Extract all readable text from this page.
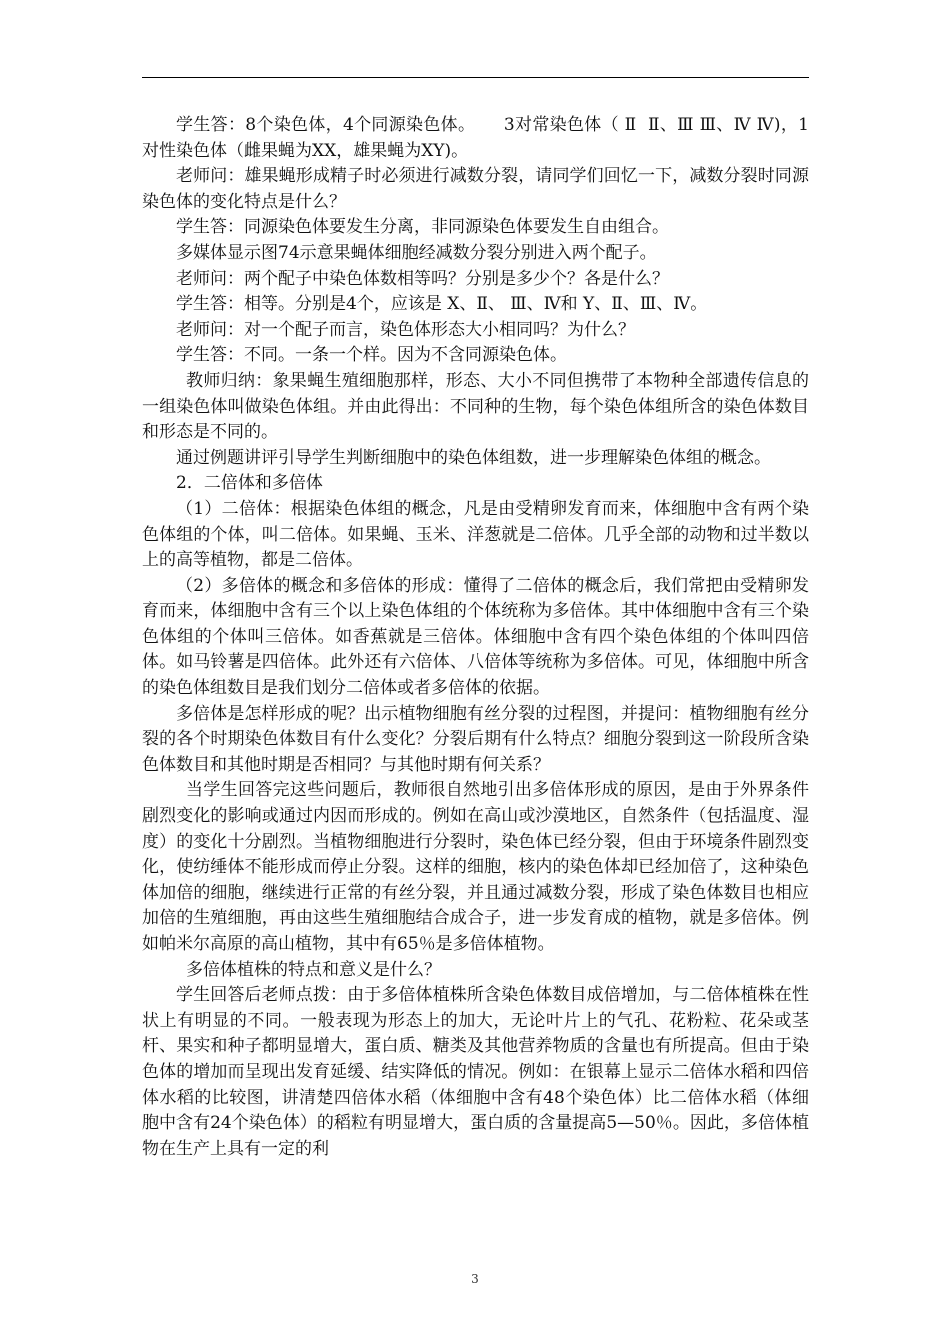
学生答：8个染色体，4个同源染色体。     3对常染色体（ Ⅱ  Ⅱ、Ⅲ Ⅲ、Ⅳ Ⅳ)，1对性染色体（雌果蝇为XX，雄果蝇为XY)。

老师问：雄果蝇形成精子时必须进行减数分裂，请同学们回忆一下，减数分裂时同源染色体的变化特点是什么？

学生答：同源染色体要发生分离，非同源染色体要发生自由组合。

多媒体显示图74示意果蝇体细胞经减数分裂分别进入两个配子。

老师问：两个配子中染色体数相等吗？分别是多少个？各是什么？

学生答：相等。分别是4个，应该是 X、Ⅱ、 Ⅲ、Ⅳ和 Y、Ⅱ、Ⅲ、Ⅳ。

老师问：对一个配子而言，染色体形态大小相同吗？为什么？

学生答：不同。一条一个样。因为不含同源染色体。

教师归纳：象果蝇生殖细胞那样，形态、大小不同但携带了本物种全部遗传信息的一组染色体叫做染色体组。并由此得出：不同种的生物，每个染色体组所含的染色体数目和形态是不同的。

通过例题讲评引导学生判断细胞中的染色体组数，进一步理解染色体组的概念。

2．二倍体和多倍体

（1）二倍体：根据染色体组的概念，凡是由受精卵发育而来，体细胞中含有两个染色体组的个体，叫二倍体。如果蝇、玉米、洋葱就是二倍体。几乎全部的动物和过半数以上的高等植物，都是二倍体。

（2）多倍体的概念和多倍体的形成：懂得了二倍体的概念后，我们常把由受精卵发育而来，体细胞中含有三个以上染色体组的个体统称为多倍体。其中体细胞中含有三个染色体组的个体叫三倍体。如香蕉就是三倍体。体细胞中含有四个染色体组的个体叫四倍体。如马铃薯是四倍体。此外还有六倍体、八倍体等统称为多倍体。可见，体细胞中所含的染色体组数目是我们划分二倍体或者多倍体的依据。

多倍体是怎样形成的呢？出示植物细胞有丝分裂的过程图，并提问：植物细胞有丝分裂的各个时期染色体数目有什么变化？分裂后期有什么特点？细胞分裂到这一阶段所含染色体数目和其他时期是否相同？与其他时期有何关系？

当学生回答完这些问题后，教师很自然地引出多倍体形成的原因，是由于外界条件剧烈变化的影响或通过内因而形成的。例如在高山或沙漠地区，自然条件（包括温度、湿度）的变化十分剧烈。当植物细胞进行分裂时，染色体已经分裂，但由于环境条件剧烈变化，使纺缍体不能形成而停止分裂。这样的细胞，核内的染色体却已经加倍了，这种染色体加倍的细胞，继续进行正常的有丝分裂，并且通过减数分裂，形成了染色体数目也相应加倍的生殖细胞，再由这些生殖细胞结合成合子，进一步发育成的植物，就是多倍体。例如帕米尔高原的高山植物，其中有65％是多倍体植物。

多倍体植株的特点和意义是什么？

学生回答后老师点拨：由于多倍体植株所含染色体数目成倍增加，与二倍体植株在性状上有明显的不同。一般表现为形态上的加大，无论叶片上的气孔、花粉粒、花朵或茎杆、果实和种子都明显增大，蛋白质、糖类及其他营养物质的含量也有所提高。但由于染色体的增加而呈现出发育延缓、结实降低的情况。例如：在银幕上显示二倍体水稻和四倍体水稻的比较图，讲清楚四倍体水稻（体细胞中含有48个染色体）比二倍体水稻（体细胞中含有24个染色体）的稻粒有明显增大，蛋白质的含量提高5—50％。因此，多倍体植物在生产上具有一定的利

3
